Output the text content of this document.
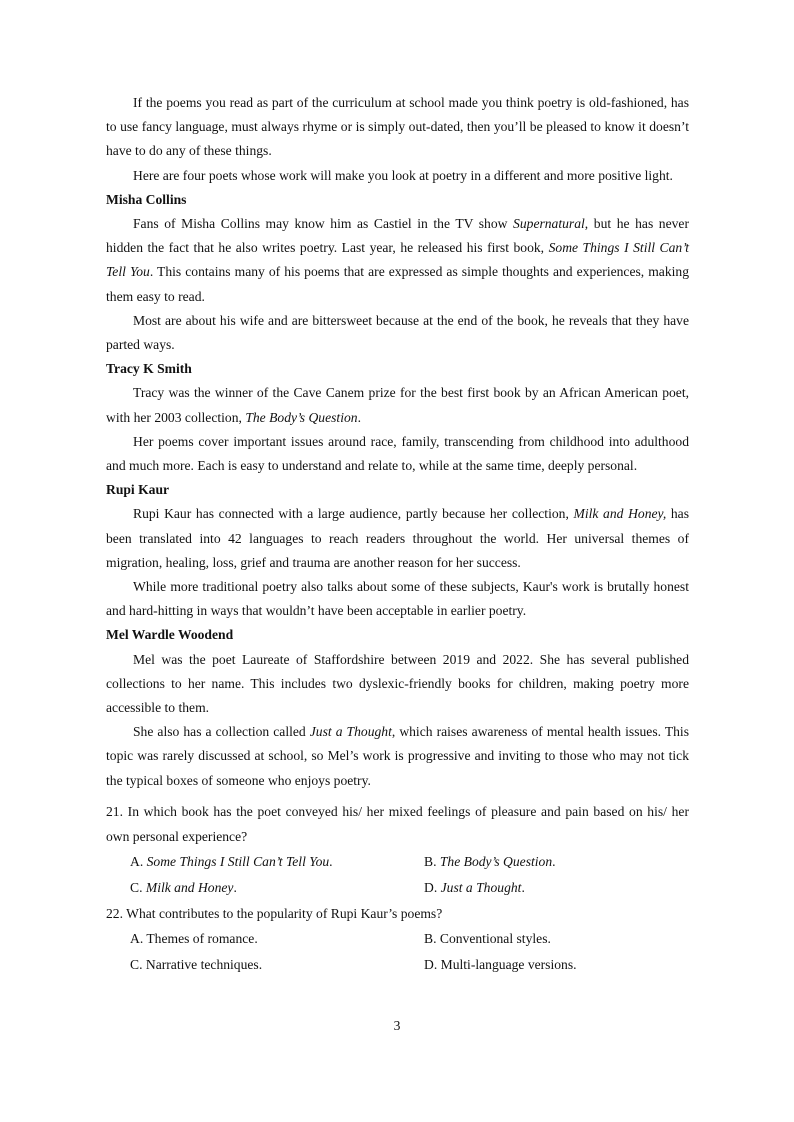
If the poems you read as part of the curriculum at school made you think poetry is old-fashioned, has to use fancy language, must always rhyme or is simply out-dated, then you’ll be pleased to know it doesn’t have to do any of these things.

Here are four poets whose work will make you look at poetry in a different and more positive light.

Misha Collins

Fans of Misha Collins may know him as Castiel in the TV show Supernatural, but he has never hidden the fact that he also writes poetry. Last year, he released his first book, Some Things I Still Can’t Tell You. This contains many of his poems that are expressed as simple thoughts and experiences, making them easy to read.

Most are about his wife and are bittersweet because at the end of the book, he reveals that they have parted ways.

Tracy K Smith

Tracy was the winner of the Cave Canem prize for the best first book by an African American poet, with her 2003 collection, The Body’s Question.

Her poems cover important issues around race, family, transcending from childhood into adulthood and much more. Each is easy to understand and relate to, while at the same time, deeply personal.

Rupi Kaur

Rupi Kaur has connected with a large audience, partly because her collection, Milk and Honey, has been translated into 42 languages to reach readers throughout the world. Her universal themes of migration, healing, loss, grief and trauma are another reason for her success.

While more traditional poetry also talks about some of these subjects, Kaur's work is brutally honest and hard-hitting in ways that wouldn’t have been acceptable in earlier poetry.

Mel Wardle Woodend

Mel was the poet Laureate of Staffordshire between 2019 and 2022. She has several published collections to her name. This includes two dyslexic-friendly books for children, making poetry more accessible to them.

She also has a collection called Just a Thought, which raises awareness of mental health issues. This topic was rarely discussed at school, so Mel’s work is progressive and inviting to those who may not tick the typical boxes of someone who enjoys poetry.

21. In which book has the poet conveyed his/ her mixed feelings of pleasure and pain based on his/ her own personal experience?

A. Some Things I Still Can’t Tell You.	B. The Body’s Question.
C. Milk and Honey.	D. Just a Thought.

22. What contributes to the popularity of Rupi Kaur’s poems?

A. Themes of romance.	B. Conventional styles.
C. Narrative techniques.	D. Multi-language versions.
3
